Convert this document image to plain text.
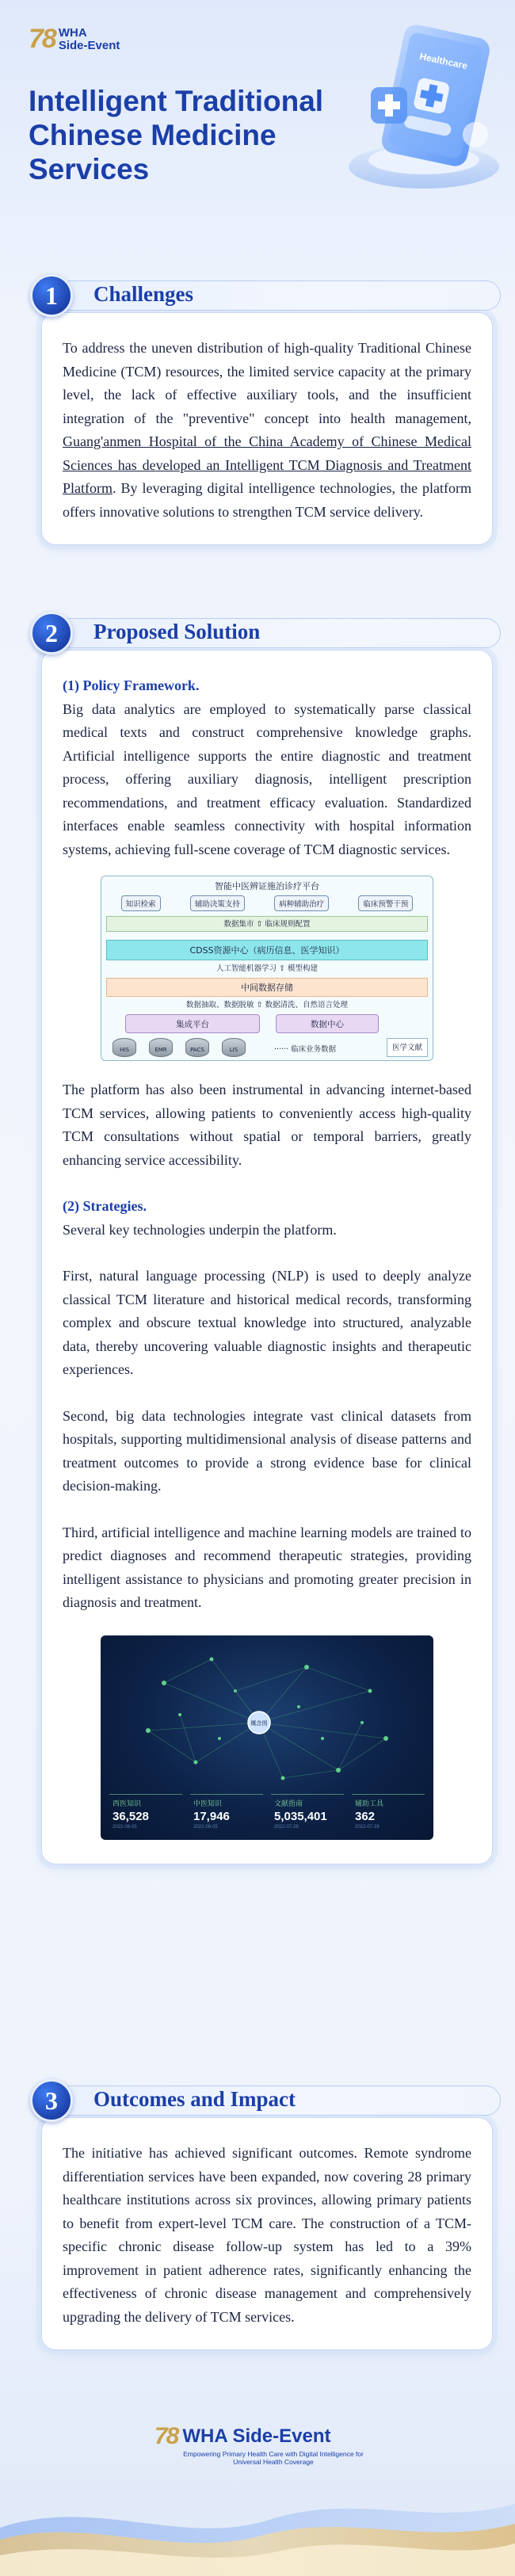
78 WHA
Side-Event
Intelligent Traditional Chinese Medicine Services
Healthcare
1	Challenges

To address the uneven distribution of high-quality Traditional Chinese Medicine (TCM) resources, the limited service capacity at the primary level, the lack of effective auxiliary tools, and the insufficient integration of the "preventive" concept into health management, Guang'anmen Hospital of the China Academy of Chinese Medical Sciences has developed an Intelligent TCM Diagnosis and Treatment Platform. By leveraging digital intelligence technologies, the platform offers innovative solutions to strengthen TCM service delivery.

2	Proposed Solution

(1) Policy Framework.

Big data analytics are employed to systematically parse classical medical texts and construct comprehensive knowledge graphs. Artificial intelligence supports the entire diagnostic and treatment process, offering auxiliary diagnosis, intelligent prescription recommendations, and treatment efficacy evaluation. Standardized interfaces enable seamless connectivity with hospital information systems, achieving full-scene coverage of TCM diagnostic services.

智能中医辨证施治诊疗平台
知识检索	辅助决策支持	病种辅助治疗	临床预警干预
数据集市 ⇧ 临床规则配置
CDSS资源中心（病历信息、医学知识）
人工智能机器学习 ⇧ 模型构建
中间数据存储
数据抽取、数据脱敏 ⇧ 数据清洗、自然语言处理
集成平台	数据中心
HIS	EMR	PACS	LIS	······ 临床业务数据	医学文献

The platform has also been instrumental in advancing internet-based TCM services, allowing patients to conveniently access high-quality TCM consultations without spatial or temporal barriers, greatly enhancing service accessibility.

(2) Strategies.

Several key technologies underpin the platform.

First, natural language processing (NLP) is used to deeply analyze classical TCM literature and historical medical records, transforming complex and obscure textual knowledge into structured, analyzable data, thereby uncovering valuable diagnostic insights and therapeutic experiences.

Second, big data technologies integrate vast clinical datasets from hospitals, supporting multidimensional analysis of disease patterns and treatment outcomes to provide a strong evidence base for clinical decision-making.

Third, artificial intelligence and machine learning models are trained to predict diagnoses and recommend therapeutic strategies, providing intelligent assistance to physicians and promoting greater precision in diagnosis and treatment.

概念图
西医知识
36,528
2022-08-05
中医知识
17,946
2022-08-05
文献指南
5,035,401
2022-07-28
辅助工具
362
2022-07-28
3	Outcomes and Impact

The initiative has achieved significant outcomes. Remote syndrome differentiation services have been expanded, now covering 28 primary healthcare institutions across six provinces, allowing primary patients to benefit from expert-level TCM care. The construction of a TCM-specific chronic disease follow-up system has led to a 39% improvement in patient adherence rates, significantly enhancing the effectiveness of chronic disease management and comprehensively upgrading the delivery of TCM services.

78 WHA Side-Event
Empowering Primary Health Care with Digital Intelligence for Universal Health Coverage
